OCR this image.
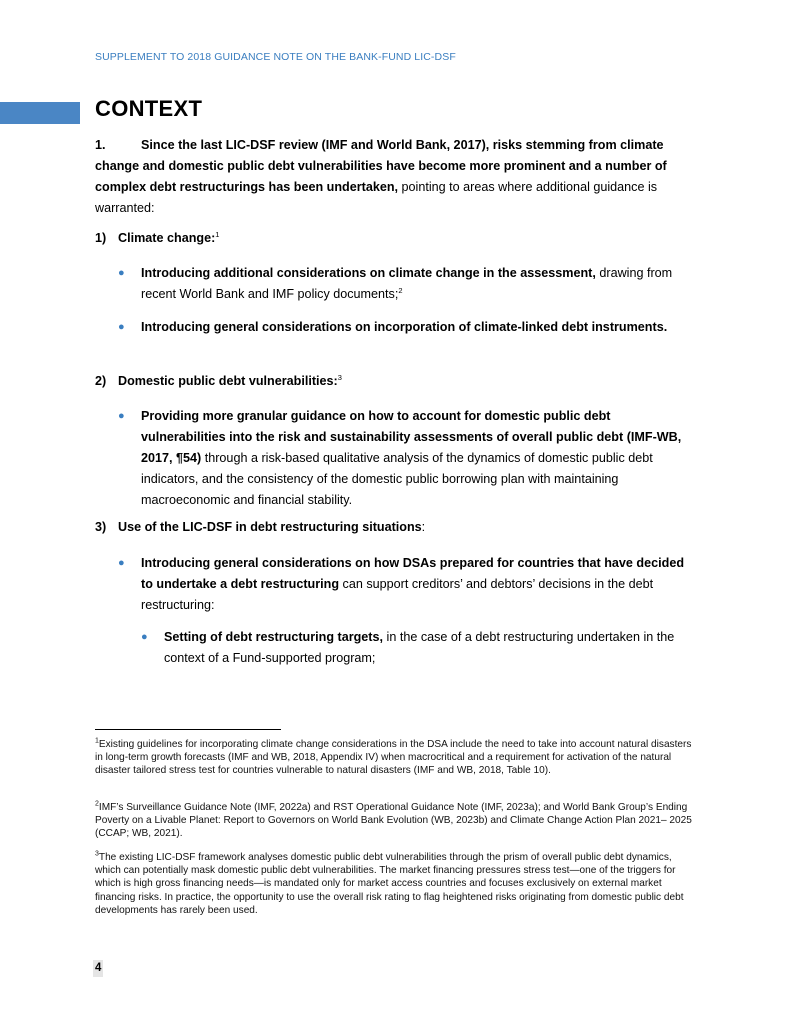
SUPPLEMENT TO 2018 GUIDANCE NOTE ON THE BANK-FUND LIC-DSF
CONTEXT
1.	Since the last LIC-DSF review (IMF and World Bank, 2017), risks stemming from climate change and domestic public debt vulnerabilities have become more prominent and a number of complex debt restructurings has been undertaken, pointing to areas where additional guidance is warranted:
1) Climate change:$^1$
● Introducing additional considerations on climate change in the assessment, drawing from recent World Bank and IMF policy documents;$^2$
● Introducing general considerations on incorporation of climate-linked debt instruments.
2) Domestic public debt vulnerabilities:$^3$
● Providing more granular guidance on how to account for domestic public debt vulnerabilities into the risk and sustainability assessments of overall public debt (IMF-WB, 2017, ¶54) through a risk-based qualitative analysis of the dynamics of domestic public debt indicators, and the consistency of the domestic public borrowing plan with maintaining macroeconomic and financial stability.
3) Use of the LIC-DSF in debt restructuring situations:
● Introducing general considerations on how DSAs prepared for countries that have decided to undertake a debt restructuring can support creditors’ and debtors’ decisions in the debt restructuring:
● Setting of debt restructuring targets, in the case of a debt restructuring undertaken in the context of a Fund-supported program;
$^1$Existing guidelines for incorporating climate change considerations in the DSA include the need to take into account natural disasters in long-term growth forecasts (IMF and WB, 2018, Appendix IV) when macrocritical and a requirement for activation of the natural disaster tailored stress test for countries vulnerable to natural disasters (IMF and WB, 2018, Table 10).
$^2$IMF’s Surveillance Guidance Note (IMF, 2022a) and RST Operational Guidance Note (IMF, 2023a); and World Bank Group’s Ending Poverty on a Livable Planet: Report to Governors on World Bank Evolution (WB, 2023b) and Climate Change Action Plan 2021– 2025 (CCAP; WB, 2021).
$^3$The existing LIC-DSF framework analyses domestic public debt vulnerabilities through the prism of overall public debt dynamics, which can potentially mask domestic public debt vulnerabilities. The market financing pressures stress test—one of the triggers for which is high gross financing needs—is mandated only for market access countries and focuses exclusively on external market financing risks. In practice, the opportunity to use the overall risk rating to flag heightened risks originating from domestic public debt developments has rarely been used.
4
